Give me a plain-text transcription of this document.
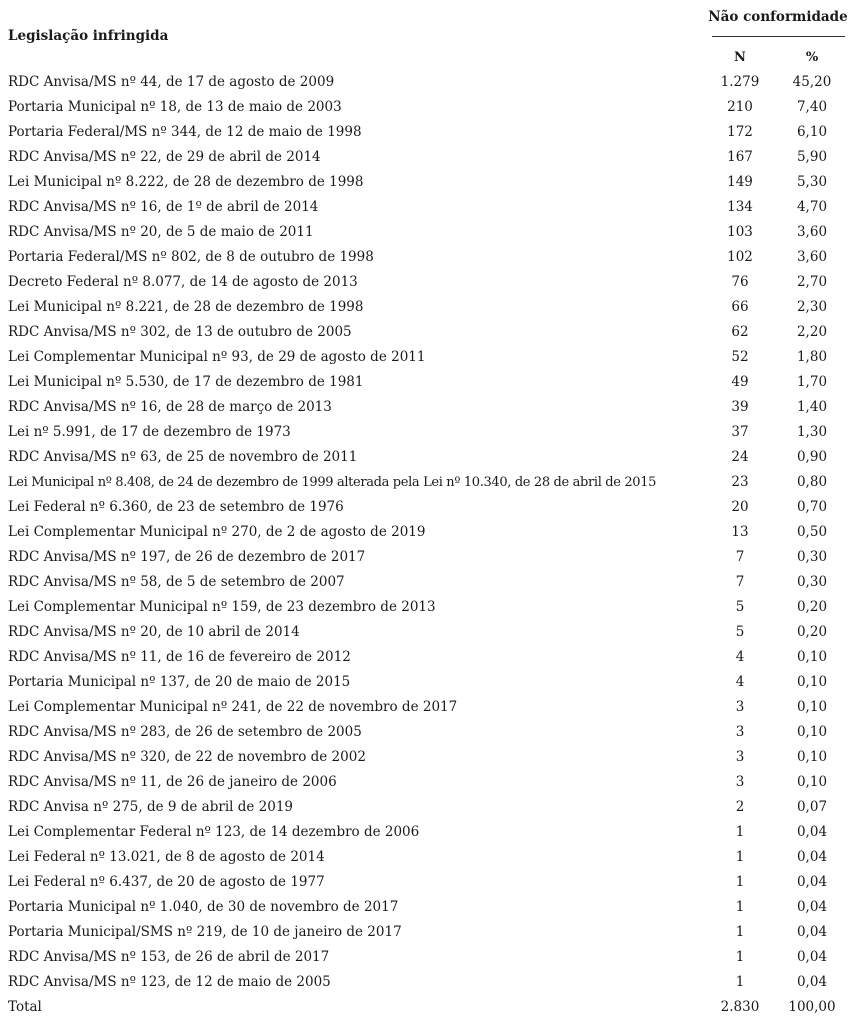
Legislação infringida
Não conformidade
N	%
RDC Anvisa/MS nº 44, de 17 de agosto de 2009	1.279	45,20
Portaria Municipal nº 18, de 13 de maio de 2003	210	7,40
Portaria Federal/MS nº 344, de 12 de maio de 1998	172	6,10
RDC Anvisa/MS nº 22, de 29 de abril de 2014	167	5,90
Lei Municipal nº 8.222, de 28 de dezembro de 1998	149	5,30
RDC Anvisa/MS nº 16, de 1º de abril de 2014	134	4,70
RDC Anvisa/MS nº 20, de 5 de maio de 2011	103	3,60
Portaria Federal/MS nº 802, de 8 de outubro de 1998	102	3,60
Decreto Federal nº 8.077, de 14 de agosto de 2013	76	2,70
Lei Municipal nº 8.221, de 28 de dezembro de 1998	66	2,30
RDC Anvisa/MS nº 302, de 13 de outubro de 2005	62	2,20
Lei Complementar Municipal nº 93, de 29 de agosto de 2011	52	1,80
Lei Municipal nº 5.530, de 17 de dezembro de 1981	49	1,70
RDC Anvisa/MS nº 16, de 28 de março de 2013	39	1,40
Lei nº 5.991, de 17 de dezembro de 1973	37	1,30
RDC Anvisa/MS nº 63, de 25 de novembro de 2011	24	0,90
Lei Municipal nº 8.408, de 24 de dezembro de 1999 alterada pela Lei nº 10.340, de 28 de abril de 2015	23	0,80
Lei Federal nº 6.360, de 23 de setembro de 1976	20	0,70
Lei Complementar Municipal nº 270, de 2 de agosto de 2019	13	0,50
RDC Anvisa/MS nº 197, de 26 de dezembro de 2017	7	0,30
RDC Anvisa/MS nº 58, de 5 de setembro de 2007	7	0,30
Lei Complementar Municipal nº 159, de 23 dezembro de 2013	5	0,20
RDC Anvisa/MS nº 20, de 10 abril de 2014	5	0,20
RDC Anvisa/MS nº 11, de 16 de fevereiro de 2012	4	0,10
Portaria Municipal nº 137, de 20 de maio de 2015	4	0,10
Lei Complementar Municipal nº 241, de 22 de novembro de 2017	3	0,10
RDC Anvisa/MS nº 283, de 26 de setembro de 2005	3	0,10
RDC Anvisa/MS nº 320, de 22 de novembro de 2002	3	0,10
RDC Anvisa/MS nº 11, de 26 de janeiro de 2006	3	0,10
RDC Anvisa nº 275, de 9 de abril de 2019	2	0,07
Lei Complementar Federal nº 123, de 14 dezembro de 2006	1	0,04
Lei Federal nº 13.021, de 8 de agosto de 2014	1	0,04
Lei Federal nº 6.437, de 20 de agosto de 1977	1	0,04
Portaria Municipal nº 1.040, de 30 de novembro de 2017	1	0,04
Portaria Municipal/SMS nº 219, de 10 de janeiro de 2017	1	0,04
RDC Anvisa/MS nº 153, de 26 de abril de 2017	1	0,04
RDC Anvisa/MS nº 123, de 12 de maio de 2005	1	0,04
Total	2.830	100,00
